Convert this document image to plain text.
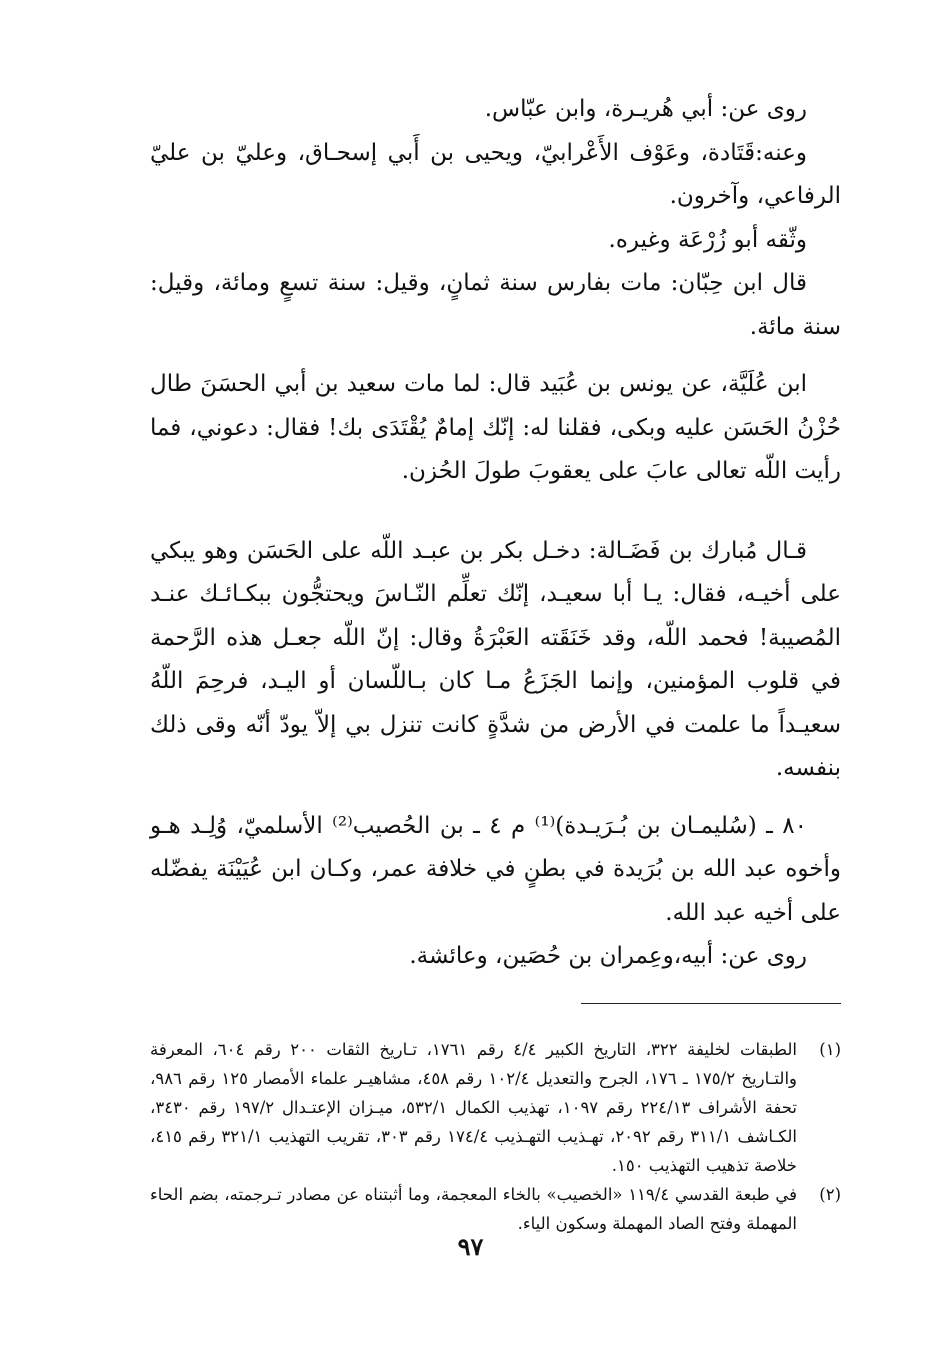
روى عن: أبي هُريـرة، وابن عبّاس.

وعنه:قَتَادة، وعَوْف الأَعْرابيّ، ويحيى بن أَبي إسحـاق، وعليّ بن عليّ الرفاعي، وآخرون.

وثّقه أبو زُرْعَة وغيره.

قال ابن حِبّان: مات بفارس سنة ثمانٍ، وقيل: سنة تسعٍ ومائة، وقيل: سنة مائة.

ابن عُلَيَّة، عن يونس بن عُبَيد قال: لما مات سعيد بن أبي الحسَنَ طال حُزْنُ الحَسَن عليه وبكى، فقلنا له: إنّك إمامٌ يُقْتَدَى بك! فقال: دعوني، فما رأيت اللّه تعالى عابَ على يعقوبَ طولَ الحُزن.

قـال مُبارك بن فَضَـالة: دخـل بكر بن عبـد اللّه على الحَسَن وهو يبكي على أخيـه، فقال: يـا أبا سعيـد، إنّك تعلِّم النّـاسَ ويحتجُّون ببكـائـك عنـد المُصيبة! فحمد اللّه، وقد خَنَقَته العَبْرَةُ وقال: إنّ اللّه جعـل هذه الرَّحمة في قلوب المؤمنين، وإنما الجَزَعُ مـا كان بـاللّسان أو اليـد، فرحِمَ اللّهُ سعيـداً ما علمت في الأرض من شدَّةٍ كانت تنزل بي إلاّ يودّ أنّه وقى ذلك بنفسه.

٨٠ ـ (سُليمـان بن بُـرَيـدة)⁽¹⁾ م ٤ ـ بن الحُصيب⁽²⁾ الأسلميّ، وُلِـد هـو وأخوه عبد الله بن بُرَيدة في بطنٍ في خلافة عمر، وكـان ابن عُيَيْنَة يفضّله على أخيه عبد الله.

روى عن: أبيه،وعِمران بن حُصَين، وعائشة.

(١)
الطبقات لخليفة ٣٢٢، التاريخ الكبير ٤/٤ رقم ١٧٦١، تـاريخ الثقات ٢٠٠ رقم ٦٠٤، المعرفة والتـاريخ ١٧٥/٢ ـ ١٧٦، الجرح والتعديل ١٠٢/٤ رقم ٤٥٨، مشاهيـر علماء الأمصار ١٢٥ رقم ٩٨٦، تحفة الأشراف ٢٢٤/١٣ رقم ١٠٩٧، تهذيب الكمال ٥٣٢/١، ميـزان الإعتـدال ١٩٧/٢ رقم ٣٤٣٠، الكـاشف ٣١١/١ رقم ٢٠٩٢، تهـذيب التهـذيب ١٧٤/٤ رقم ٣٠٣، تقريب التهذيب ٣٢١/١ رقم ٤١٥، خلاصة تذهيب التهذيب ١٥٠.
(٢)
في طبعة القدسي ١١٩/٤ «الخصيب» بالخاء المعجمة، وما أثبتناه عن مصادر تـرجمته، بضم الحاء المهملة وفتح الصاد المهملة وسكون الياء.
٩٧
